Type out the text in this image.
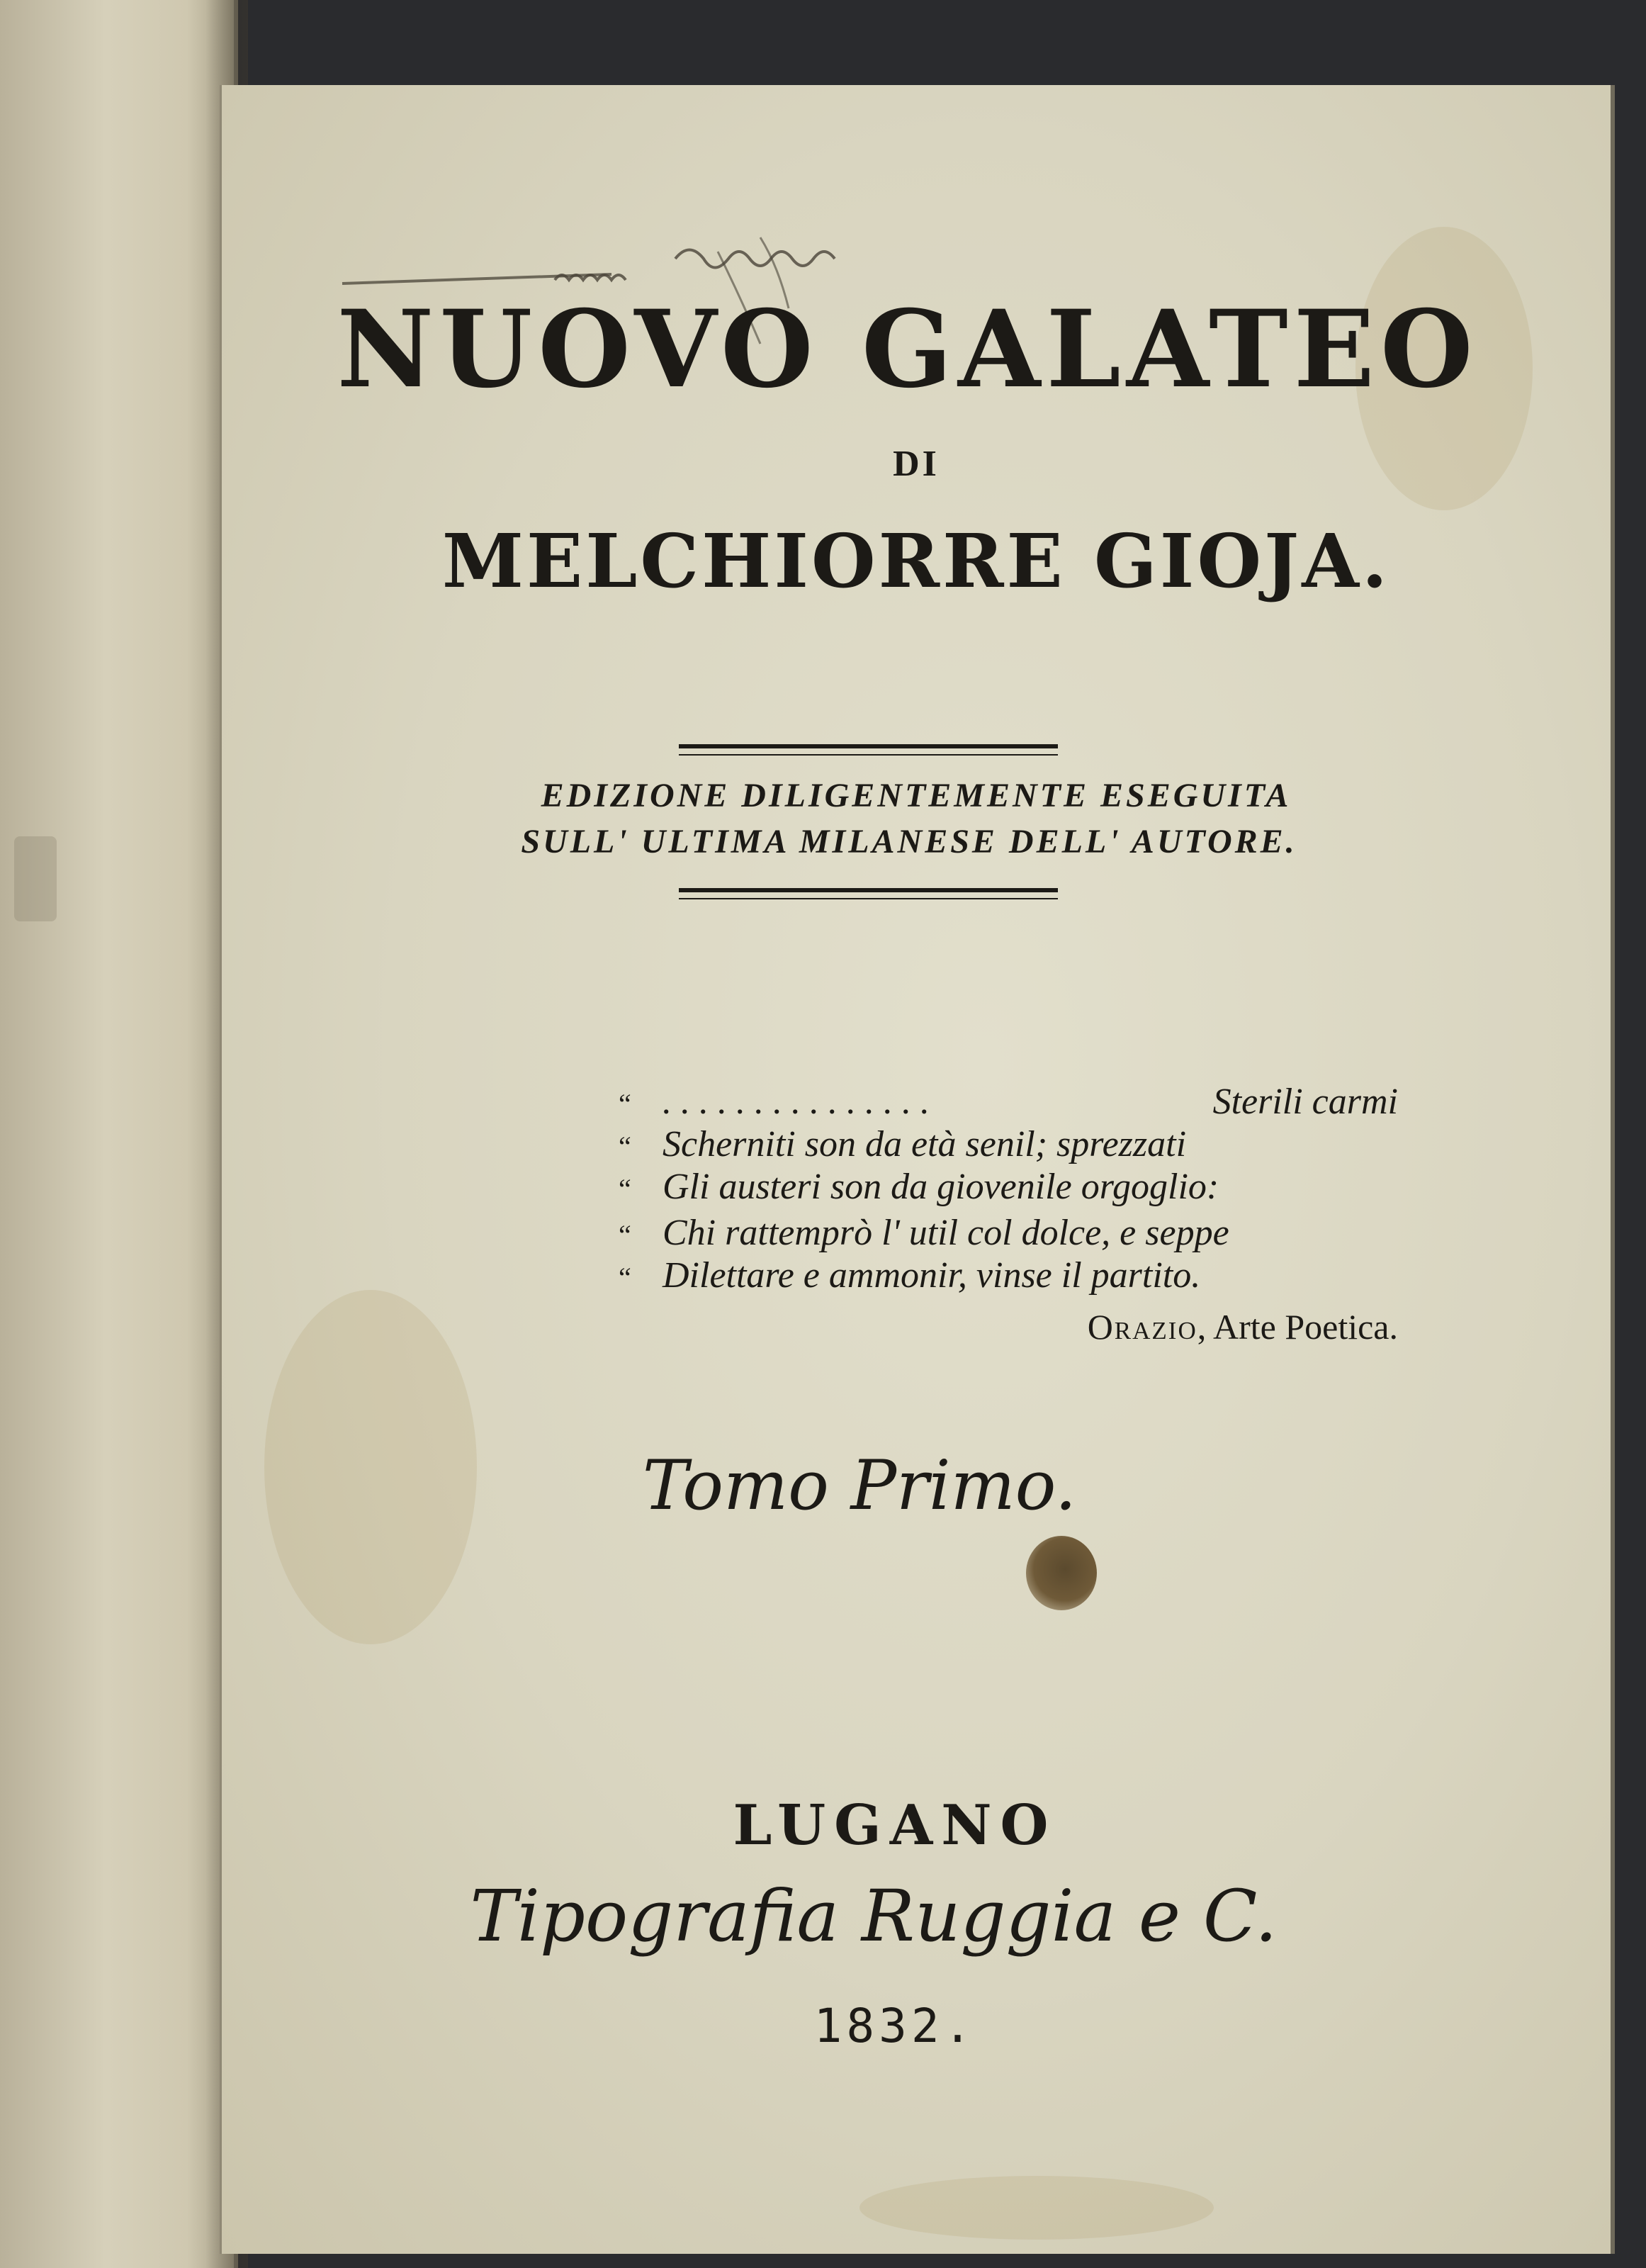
NUOVO GALATEO
DI
MELCHIORRE GIOJA.
EDIZIONE DILIGENTEMENTE ESEGUITA
SULL' ULTIMA MILANESE DELL' AUTORE.
“ . . . . . . . . . . . . . . .	Sterili carmi
“ Scherniti son da età senil; sprezzati
“ Gli austeri son da giovenile orgoglio:
“ Chi rattemprò l' util col dolce, e seppe
“ Dilettare e ammonir, vinse il partito.
Orazio, Arte Poetica.
Tomo Primo.
LUGANO
Tipografia Ruggia e C.
1832.
